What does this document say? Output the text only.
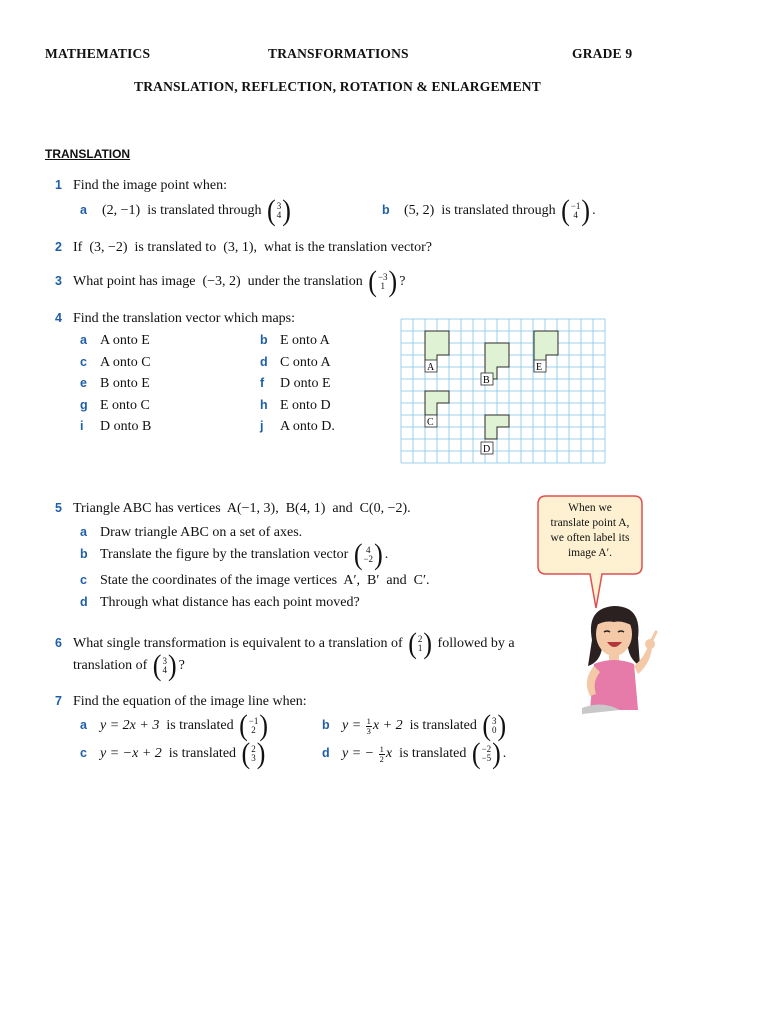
MATHEMATICS	TRANSFORMATIONS	GRADE 9
TRANSLATION, REFLECTION, ROTATION & ENLARGEMENT
TRANSLATION
1 Find the image point when:
a (2, −1) is translated through ( 3
4 )	b (5, 2) is translated through ( −1
4 ) .
2 If  (3, −2)  is translated to  (3, 1),  what is the translation vector?
3 What point has image  (−3, 2)  under the translation ( −3
1 ) ?
4 Find the translation vector which maps:
a A onto E	b E onto A
c A onto C	d C onto A
e B onto E	f D onto E
g E onto C	h E onto D
i D onto B	j A onto D.
A
B
E
C
D
5 Triangle ABC has vertices  A(−1, 3),  B(4, 1)  and  C(0, −2).
a Draw triangle ABC on a set of axes.
b Translate the figure by the translation vector ( 4
−2 ) .
c State the coordinates of the image vertices  A′,  B′  and  C′.
d Through what distance has each point moved?
When we
translate point A,
we often label its
image A′.
6 What single transformation is equivalent to a translation of ( 2
1 ) followed by a
translation of ( 3
4 ) ?
7 Find the equation of the image line when:
a y = 2x + 3 is translated ( −1
2 )	b $y = \frac{1}{3}$ x + 2 is translated ( 3
0 )
c y = −x + 2 is translated ( 2
3 )	d y = − $\frac{1}{2}$ x is translated ( −2
−5 ) .
